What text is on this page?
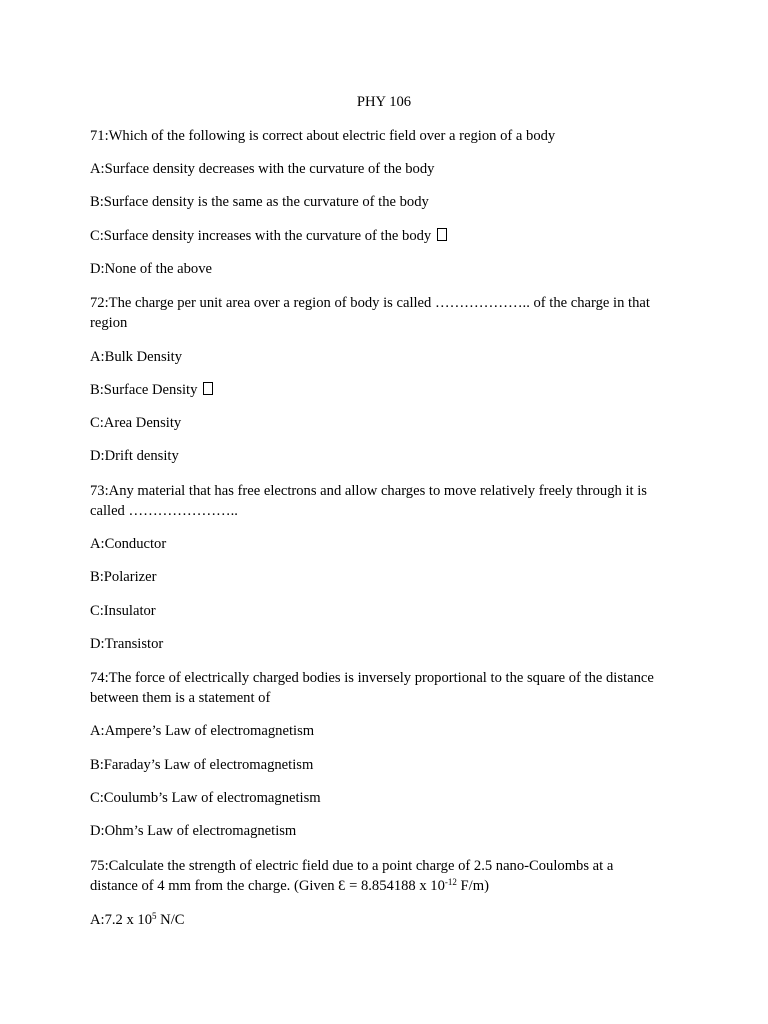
PHY 106
71:Which of the following is correct about electric field over a region of a body
A:Surface density decreases with the curvature of the body
B:Surface density is the same as the curvature of the body
C:Surface density increases with the curvature of the body
D:None of the above
72:The charge per unit area over a region of body is called ……………….. of the charge in that
region
A:Bulk Density
B:Surface Density
C:Area Density
D:Drift density
73:Any material that has free electrons and allow charges to move relatively freely through it is
called …………………..
A:Conductor
B:Polarizer
C:Insulator
D:Transistor
74:The force of electrically charged bodies is inversely proportional to the square of the distance
between them is a statement of
A:Ampere’s Law of electromagnetism
B:Faraday’s Law of electromagnetism
C:Coulumb’s Law of electromagnetism
D:Ohm’s Law of electromagnetism
75:Calculate the strength of electric field due to a point charge of 2.5 nano-Coulombs at a
distance of 4 mm from the charge. (Given Ɛ = 8.854188 x $10^{-12}$ F/m)
A:7.2 x $10^5$ N/C
